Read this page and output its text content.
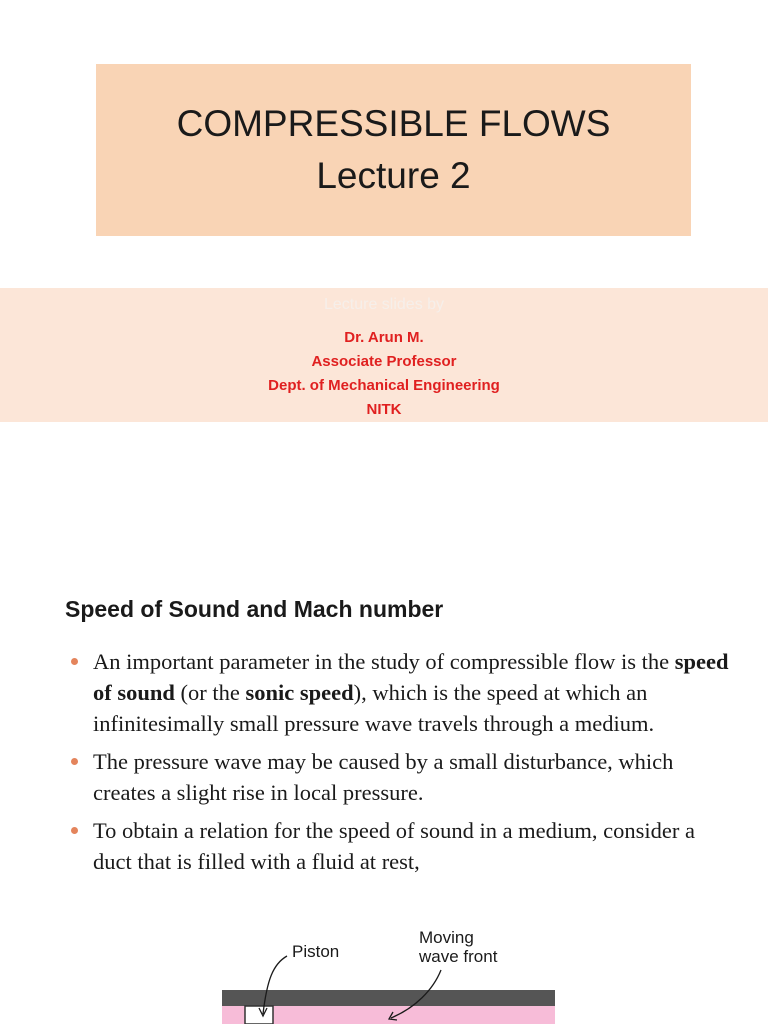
COMPRESSIBLE FLOWS
Lecture 2
Lecture slides by
Dr. Arun M.
Associate Professor
Dept. of Mechanical Engineering
NITK
Speed of Sound and Mach number
An important parameter in the study of compressible flow is the speed of sound (or the sonic speed), which is the speed at which an infinitesimally small pressure wave travels through a medium.
The pressure wave may be caused by a small disturbance, which creates a slight rise in local pressure.
To obtain a relation for the speed of sound in a medium, consider a duct that is filled with a fluid at rest,
Piston
Moving
wave front
